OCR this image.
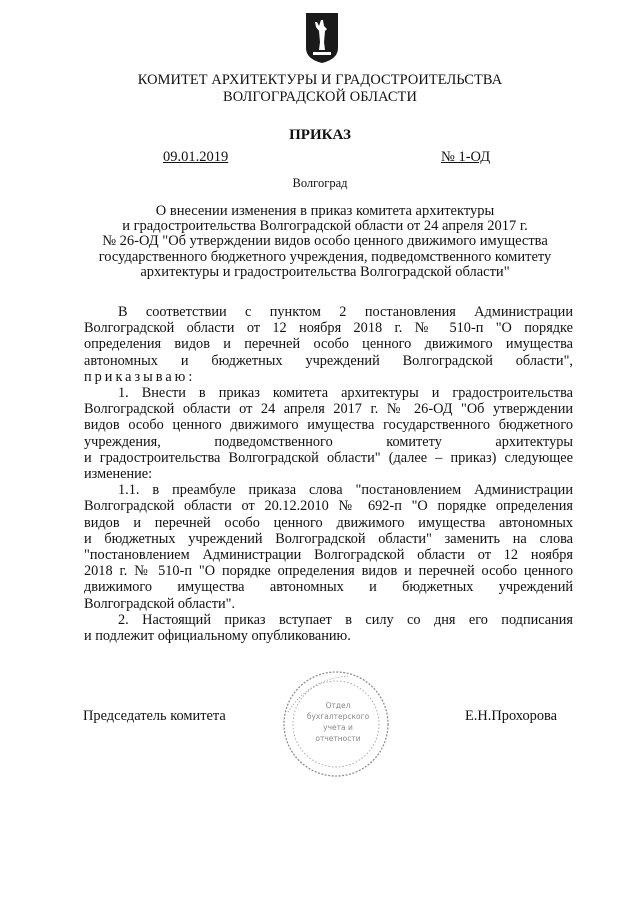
КОМИТЕТ АРХИТЕКТУРЫ И ГРАДОСТРОИТЕЛЬСТВА
ВОЛГОГРАДСКОЙ ОБЛАСТИ
ПРИКАЗ
09.01.2019	№ 1-ОД
Волгоград
О внесении изменения в приказ комитета архитектуры
и градостроительства Волгоградской области от 24 апреля 2017 г.
№ 26-ОД "Об утверждении видов особо ценного движимого имущества
государственного бюджетного учреждения, подведомственного комитету
архитектуры и градостроительства Волгоградской области"
В соответствии с пунктом 2 постановления Администрации
Волгоградской области от 12 ноября 2018 г. № 510-п "О порядке
определения видов и перечней особо ценного движимого имущества
автономных и бюджетных учреждений Волгоградской области",
приказываю:
1. Внести в приказ комитета архитектуры и градостроительства
Волгоградской области от 24 апреля 2017 г. № 26-ОД "Об утверждении
видов особо ценного движимого имущества государственного бюджетного
учреждения, подведомственного комитету архитектуры
и градостроительства Волгоградской области" (далее – приказ) следующее
изменение:
1.1. в преамбуле приказа слова "постановлением Администрации
Волгоградской области от 20.12.2010 № 692-п "О порядке определения
видов и перечней особо ценного движимого имущества автономных
и бюджетных учреждений Волгоградской области" заменить на слова
"постановлением Администрации Волгоградской области от 12 ноября
2018 г. № 510-п "О порядке определения видов и перечней особо ценного
движимого имущества автономных и бюджетных учреждений
Волгоградской области".
2. Настоящий приказ вступает в силу со дня его подписания
и подлежит официальному опубликованию.
Отдел
бухгалтерского
учета и
отчетности
Председатель комитета	Е.Н.Прохорова
